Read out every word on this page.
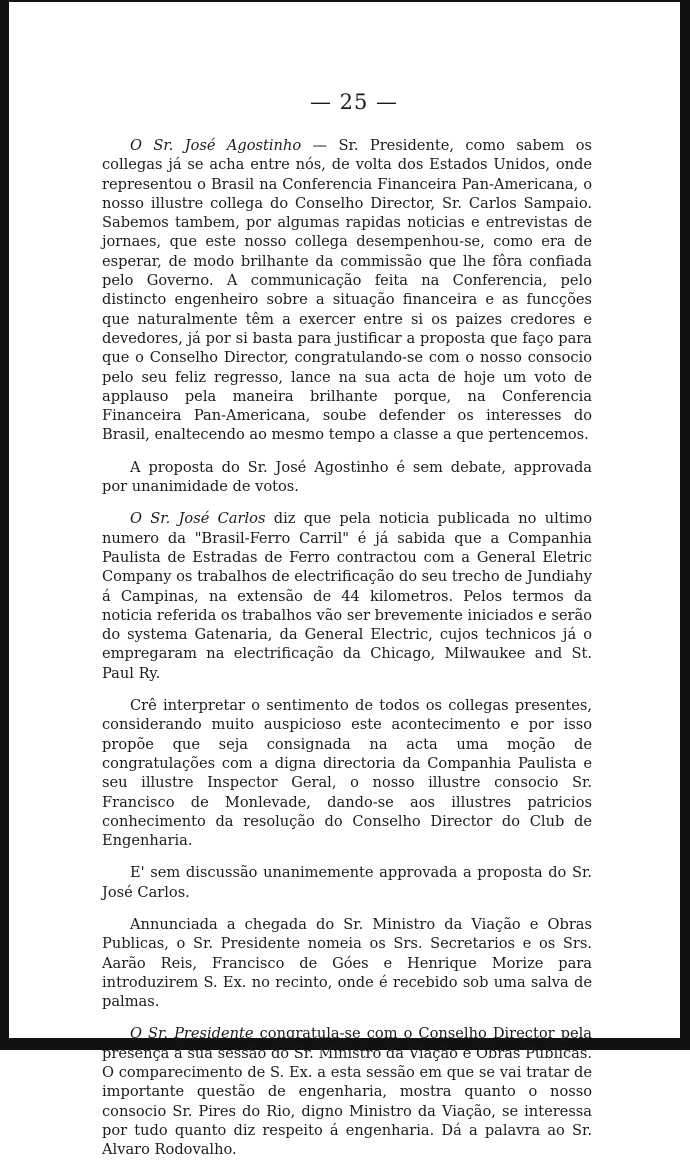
— 25 —

O Sr. José Agostinho — Sr. Presidente, como sabem os collegas já se acha entre nós, de volta dos Estados Unidos, onde representou o Brasil na Conferencia Financeira Pan-Americana, o nosso illustre collega do Conselho Director, Sr. Carlos Sampaio. Sabemos tambem, por algumas rapidas noticias e entrevistas de jornaes, que este nosso collega desempenhou-se, como era de esperar, de modo brilhante da commissão que lhe fôra confiada pelo Governo. A communicação feita na Conferencia, pelo distincto engenheiro sobre a situação financeira e as funcções que naturalmente têm a exercer entre si os paizes credores e devedores, já por si basta para justificar a proposta que faço para que o Conselho Director, congratulando-se com o nosso consocio pelo seu feliz regresso, lance na sua acta de hoje um voto de applauso pela maneira brilhante porque, na Conferencia Financeira Pan-Americana, soube defender os interesses do Brasil, enaltecendo ao mesmo tempo a classe a que pertencemos.

A proposta do Sr. José Agostinho é sem debate, approvada por unanimidade de votos.

O Sr. José Carlos diz que pela noticia publicada no ultimo numero da "Brasil-Ferro Carril" é já sabida que a Companhia Paulista de Estradas de Ferro contractou com a General Eletric Company os trabalhos de electrificação do seu trecho de Jundiahy á Campinas, na extensão de 44 kilometros. Pelos termos da noticia referida os trabalhos vão ser brevemente iniciados e serão do systema Gatenaria, da General Electric, cujos technicos já o empregaram na electrificação da Chicago, Milwaukee and St. Paul Ry.

Crê interpretar o sentimento de todos os collegas presentes, considerando muito auspicioso este acontecimento e por isso propõe que seja consignada na acta uma moção de congratulações com a digna directoria da Companhia Paulista e seu illustre Inspector Geral, o nosso illustre consocio Sr. Francisco de Monlevade, dando-se aos illustres patricios conhecimento da resolução do Conselho Director do Club de Engenharia.

E' sem discussão unanimemente approvada a proposta do Sr. José Carlos.

Annunciada a chegada do Sr. Ministro da Viação e Obras Publicas, o Sr. Presidente nomeia os Srs. Secretarios e os Srs. Aarão Reis, Francisco de Góes e Henrique Morize para introduzirem S. Ex. no recinto, onde é recebido sob uma salva de palmas.

O Sr. Presidente congratula-se com o Conselho Director pela presença á sua sessão do Sr. Ministro da Viação e Obras Publicas. O comparecimento de S. Ex. a esta sessão em que se vai tratar de importante questão de engenharia, mostra quanto o nosso consocio Sr. Pires do Rio, digno Ministro da Viação, se interessa por tudo quanto diz respeito á engenharia. Dá a palavra ao Sr. Alvaro Rodovalho.
